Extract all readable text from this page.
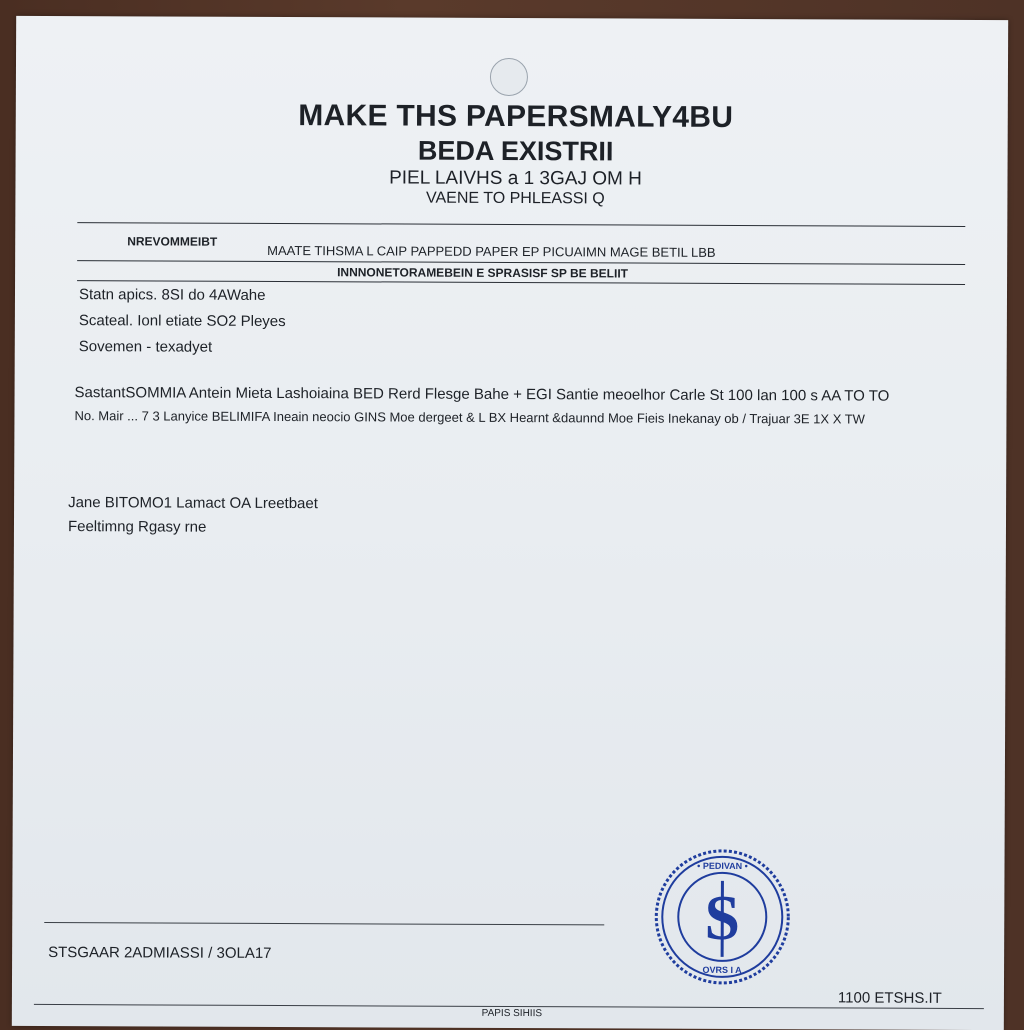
MAKE THS PAPERSMALY4BU
BEDA EXISTRII
PIEL LAIVHS a 1 3GAJ OM H
VAENE TO PHLEASSI Q
NREVOMMEIBT
MAATE TIHSMA L CAIP PAPPEDD PAPER EP PICUAIMN MAGE BETIL LBB
INNNONETORAMEBEIN E SPRASISF SP BE BELIIT
Statn apics. 8SI do 4AWahe
Scateal. Ionl etiate SO2 Pleyes
Sovemen - texadyet
SastantSOMMIA Antein Mieta Lashoiaina BED Rerd Flesge Bahe + EGI Santie meoelhor Carle St 100 lan 100 s AA TO TO
No. Mair ... 7 3 Lanyice BELIMIFA Ineain neocio GINS Moe dergeet & L BX Hearnt &daunnd Moe Fieis Inekanay ob / Trajuar 3E 1X X TW
Jane BITOMO1 Lamact OA Lreetbaet
Feeltimng Rgasy rne
• PEDIVAN •
OVRS I A
S
STSGAAR 2ADMIASSI / 3OLA17
1100 ETSHS.IT
PAPIS SIHIIS
